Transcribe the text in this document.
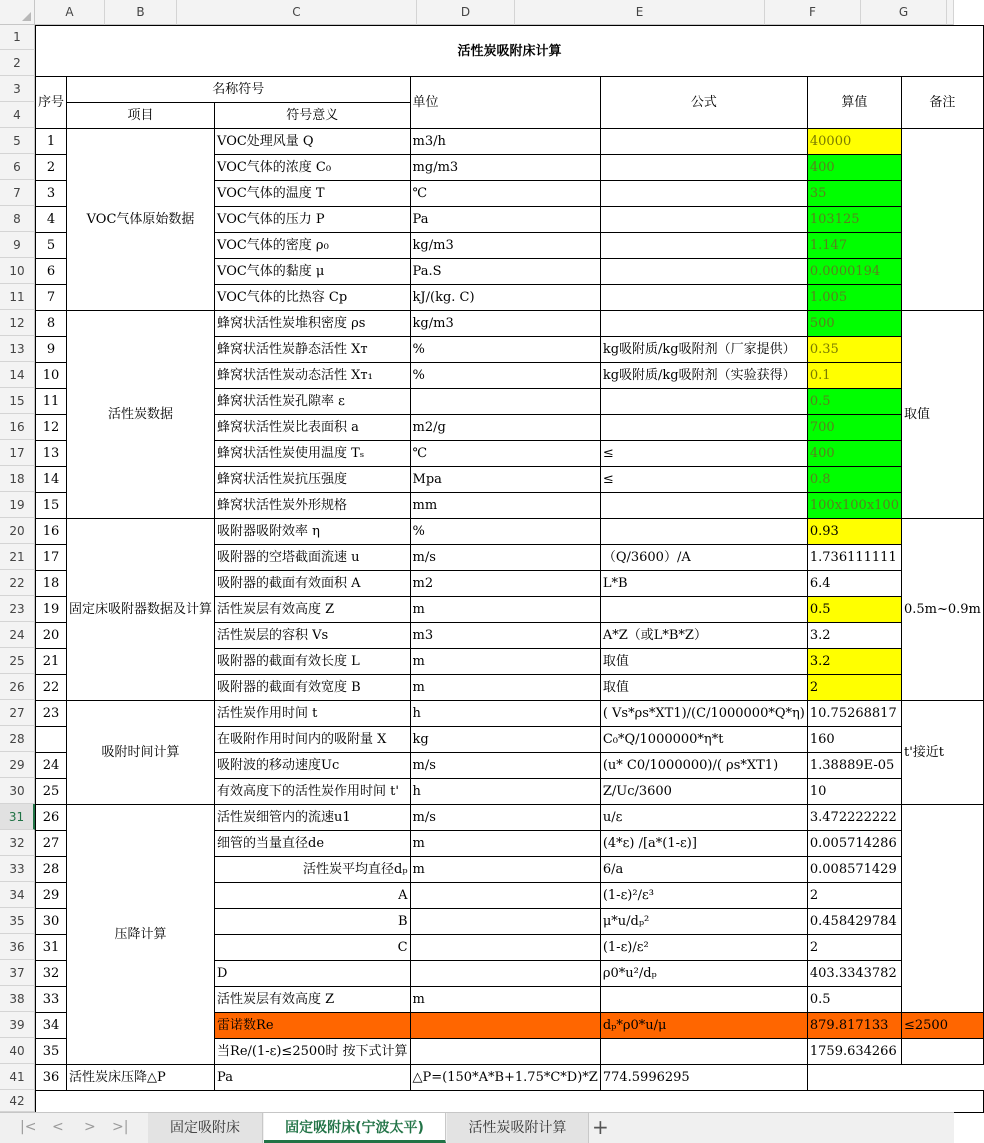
A	B	C	D	E	F	G
1
2
3
4
5
6
7
8
9
10
11
12
13
14
15
16
17
18
19
20
21
22
23
24
25
26
27
28
29
30
31
32
33
34
35
36
37
38
39
40
41
42
活性炭吸附床计算						

序号	名称符号		单位	公式	算值	备注
	项目	符号意义				
1	VOC气体原始数据	VOC处理风量 Q	m3/h		40000	
2		VOC气体的浓度 C₀	mg/m3		400	
3		VOC气体的温度 T	℃		35	
4		VOC气体的压力 P	Pa		103125	
5		VOC气体的密度 ρ₀	kg/m3		1.147	
6		VOC气体的黏度 μ	Pa.S		0.0000194	
7		VOC气体的比热容 Cp	kJ/(kg. C)		1.005	
8	活性炭数据	蜂窝状活性炭堆积密度 ρs	kg/m3		500	取值
9		蜂窝状活性炭静态活性 Xᴛ	%	kg吸附质/kg吸附剂（厂家提供）	0.35	
10		蜂窝状活性炭动态活性 Xᴛ₁	%	kg吸附质/kg吸附剂（实验获得）	0.1	
11		蜂窝状活性炭孔隙率 ε			0.5	
12		蜂窝状活性炭比表面积 a	m2/g		700	
13		蜂窝状活性炭使用温度 Tₛ	℃	≤	400	
14		蜂窝状活性炭抗压强度	Mpa	≤	0.8	
15		蜂窝状活性炭外形规格	mm		100x100x100	
16	固定床吸附器数据及计算	吸附器吸附效率 η	%		0.93	0.5m~0.9m
17		吸附器的空塔截面流速 u	m/s	（Q/3600）/A	1.736111111	
18		吸附器的截面有效面积 A	m2	L*B	6.4	
19		活性炭层有效高度 Z	m		0.5	
20		活性炭层的容积 Vs	m3	A*Z（或L*B*Z）	3.2	
21		吸附器的截面有效长度 L	m	取值	3.2	
22		吸附器的截面有效宽度 B	m	取值	2	
23	吸附时间计算	活性炭作用时间 t	h	( Vs*ρs*XT1)/(C/1000000*Q*η)	10.75268817	t'接近t
		在吸附作用时间内的吸附量 X	kg	C₀*Q/1000000*η*t	160	
24		吸附波的移动速度Uc	m/s	(u* C0/1000000)/( ρs*XT1)	1.38889E-05	
25		有效高度下的活性炭作用时间 t'	h	Z/Uc/3600	10	
26	压降计算	活性炭细管内的流速u1	m/s	u/ε	3.472222222	
27		细管的当量直径de	m	(4*ε) /[a*(1-ε)]	0.005714286	
28		活性炭平均直径dₚ	m	6/a	0.008571429	
29		A		(1-ε)²/ε³	2	
30		B		μ*u/dₚ²	0.458429784	
31		C		(1-ε)/ε²	2	
32		D		ρ0*u²/dₚ	403.3343782	
33		活性炭层有效高度 Z	m		0.5	
34		雷诺数Re		dₚ*ρ0*u/μ	879.817133	≤2500
35		当Re/(1-ε)≤2500时 按下式计算			1759.634266	
36	活性炭床压降△P	Pa	△P=(150*A*B+1.75*C*D)*Z	774.5996295		

|< < > >|	固定吸附床	固定吸附床(宁波太平)	活性炭吸附计算	+
